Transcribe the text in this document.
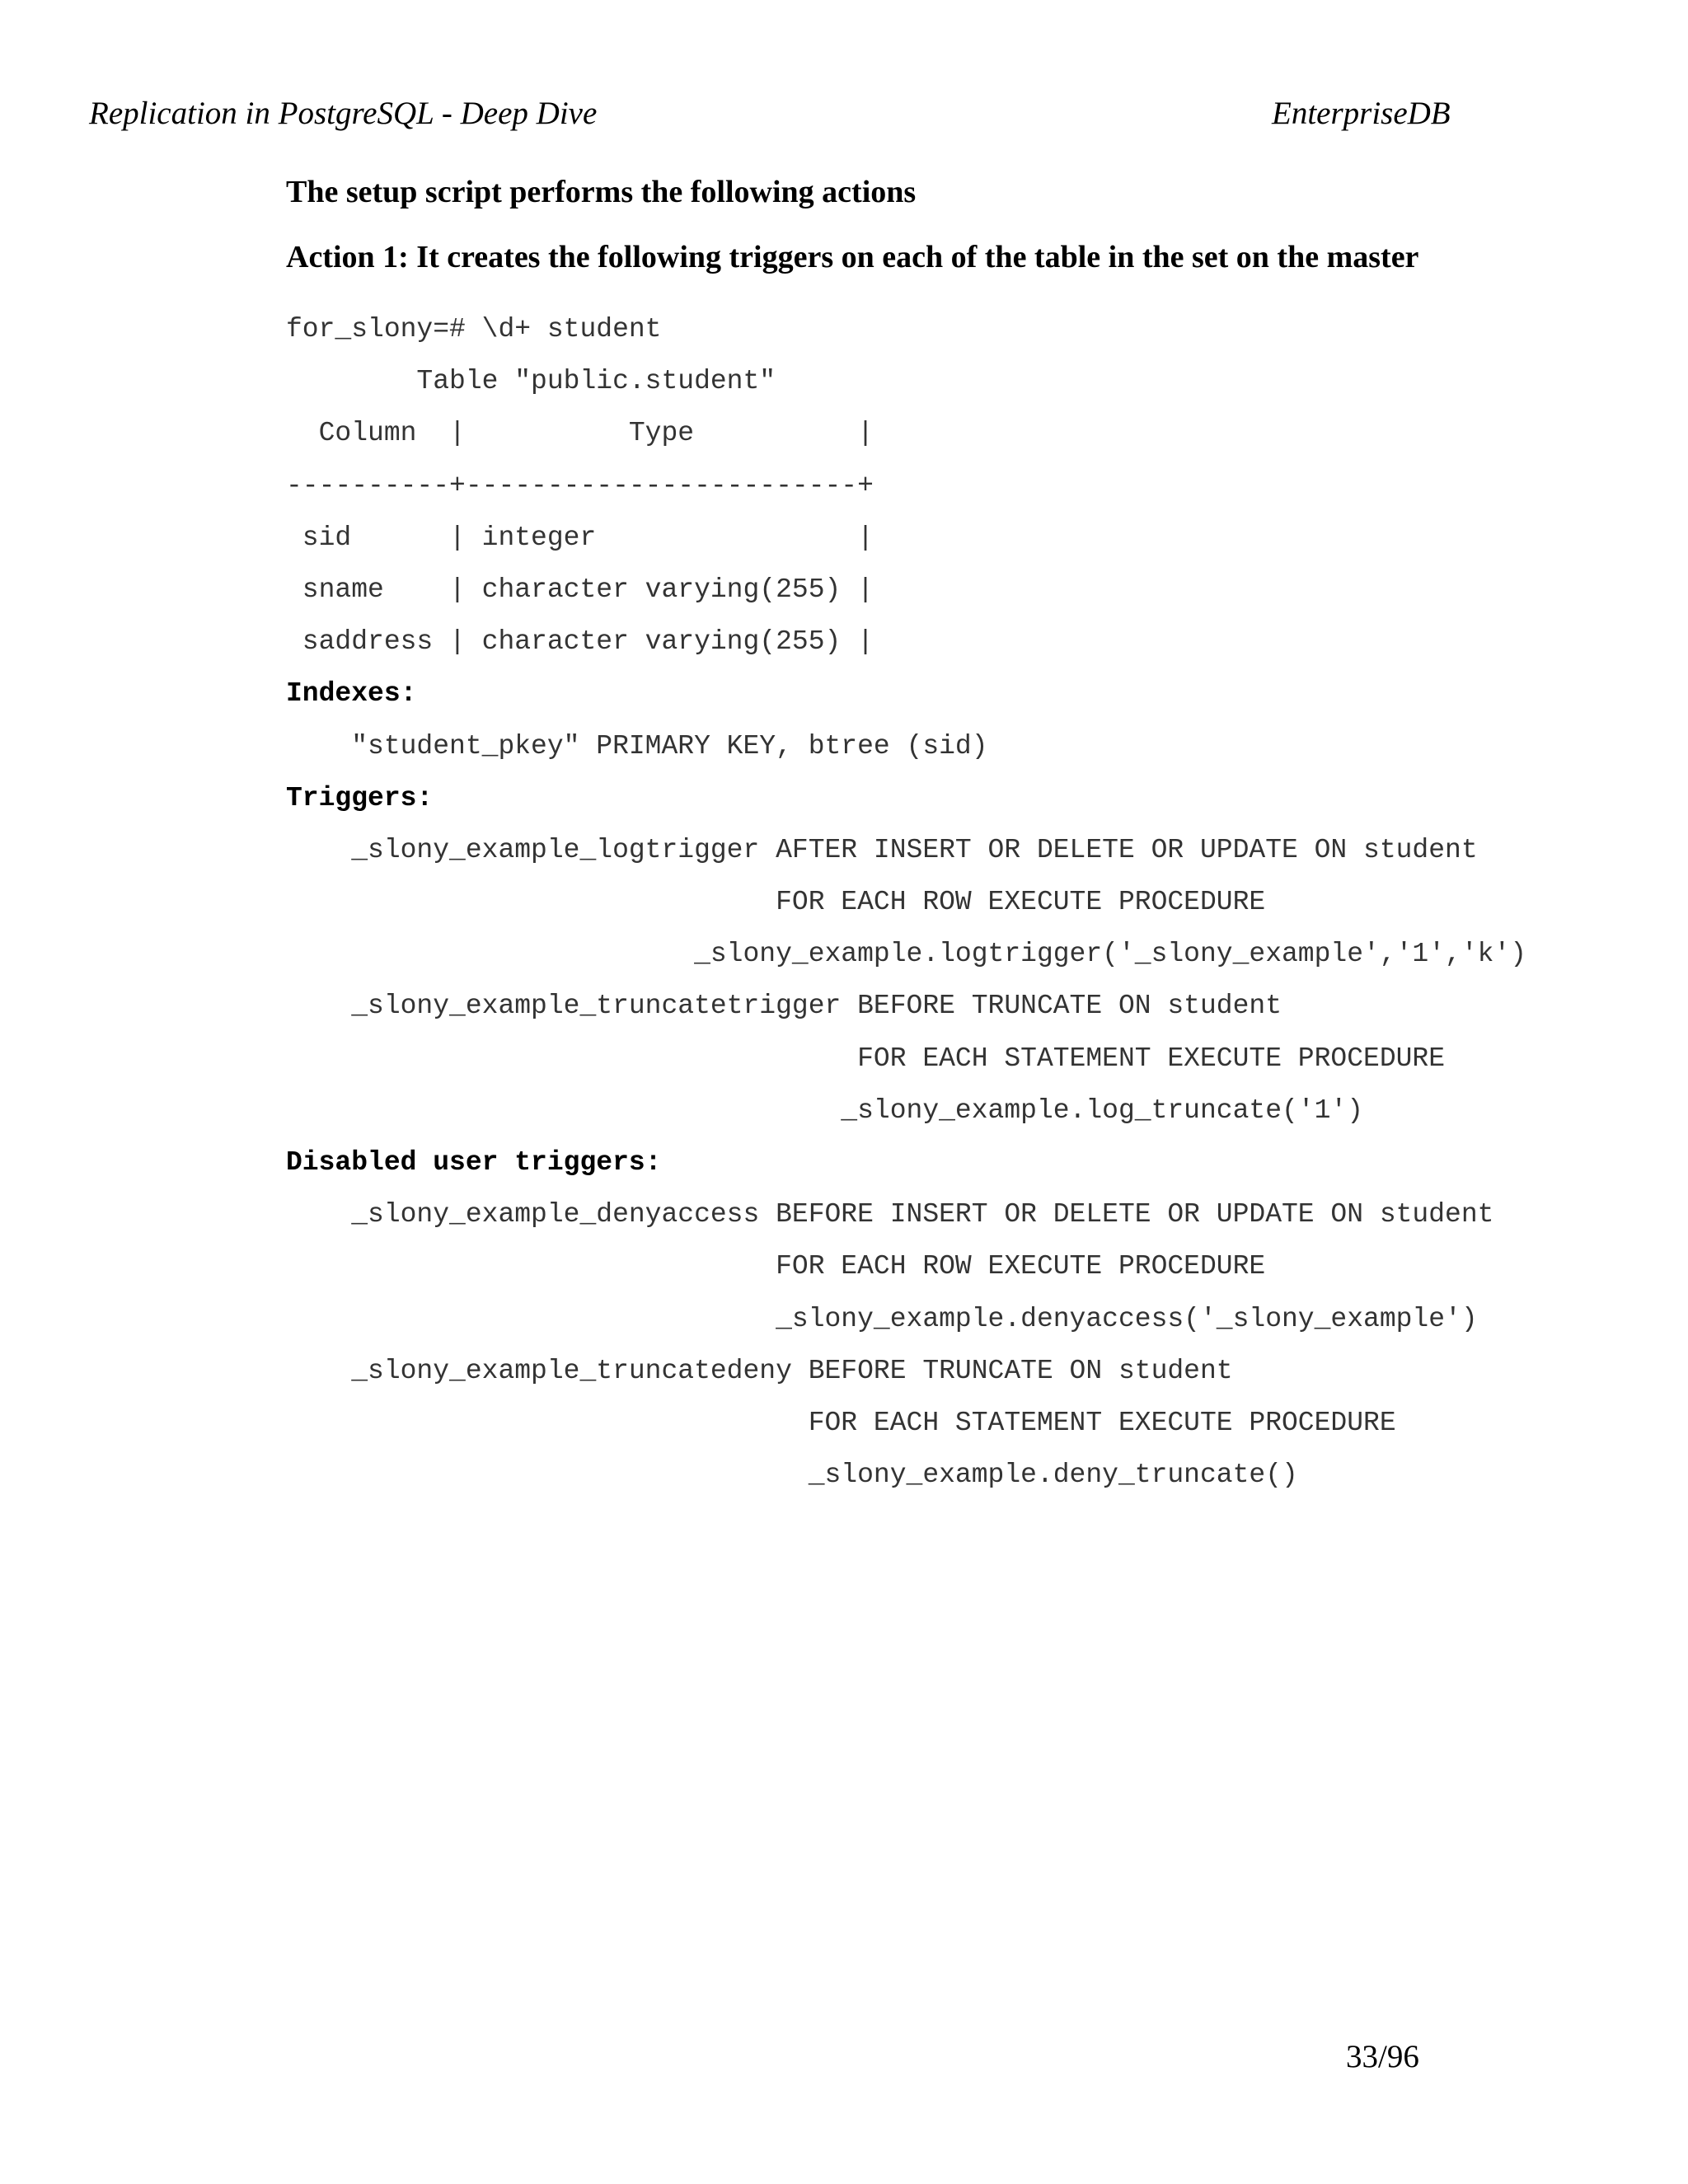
Replication in PostgreSQL - Deep Dive	EnterpriseDB
The setup script performs the following actions
Action 1: It creates the following triggers on each of the table in the set on the master
for_slony=# \d+ student
Table "public.student"
Column  |          Type          |
----------+------------------------+
sid      | integer                |
sname    | character varying(255) |
saddress | character varying(255) |
Indexes:
"student_pkey" PRIMARY KEY, btree (sid)
Triggers:
_slony_example_logtrigger AFTER INSERT OR DELETE OR UPDATE ON student
FOR EACH ROW EXECUTE PROCEDURE
_slony_example.logtrigger('_slony_example','1','k')
_slony_example_truncatetrigger BEFORE TRUNCATE ON student
FOR EACH STATEMENT EXECUTE PROCEDURE
_slony_example.log_truncate('1')
Disabled user triggers:
_slony_example_denyaccess BEFORE INSERT OR DELETE OR UPDATE ON student
FOR EACH ROW EXECUTE PROCEDURE
_slony_example.denyaccess('_slony_example')
_slony_example_truncatedeny BEFORE TRUNCATE ON student
FOR EACH STATEMENT EXECUTE PROCEDURE
_slony_example.deny_truncate()
33/96
